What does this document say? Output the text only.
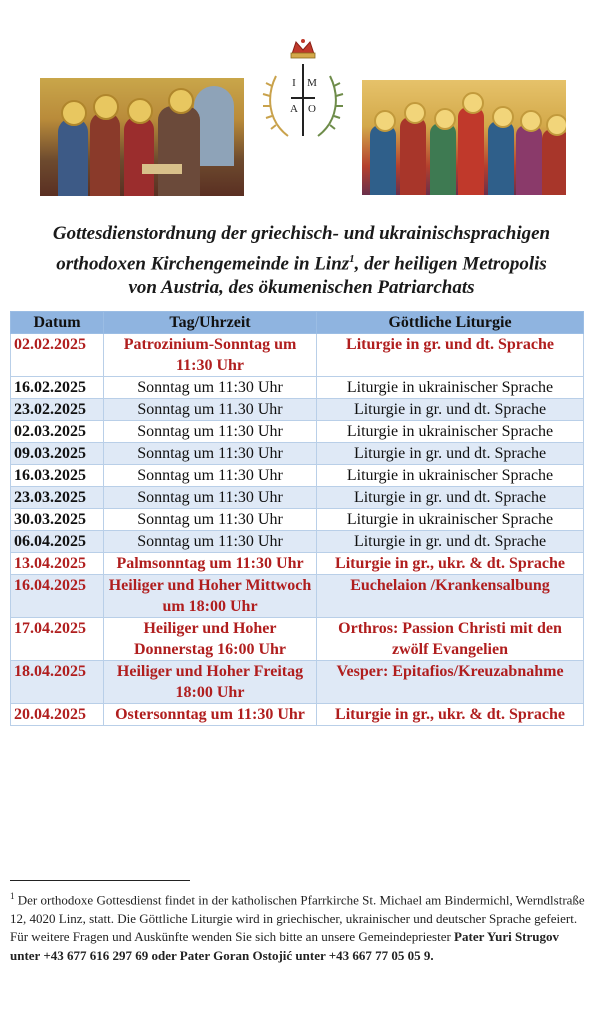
I M
A O
Gottesdienstordnung der griechisch- und ukrainischsprachigen
orthodoxen Kirchengemeinde in Linz$^1$, der heiligen Metropolis
von Austria, des ökumenischen Patriarchats
Datum	Tag/Uhrzeit	Göttliche Liturgie
02.02.2025	Patrozinium-Sonntag um 11:30 Uhr	Liturgie in gr. und dt. Sprache
16.02.2025	Sonntag um 11:30 Uhr	Liturgie in ukrainischer Sprache
23.02.2025	Sonntag um 11.30 Uhr	Liturgie in gr. und dt. Sprache
02.03.2025	Sonntag um 11:30 Uhr	Liturgie in ukrainischer Sprache
09.03.2025	Sonntag um 11:30 Uhr	Liturgie in gr. und dt. Sprache
16.03.2025	Sonntag um 11:30 Uhr	Liturgie in ukrainischer Sprache
23.03.2025	Sonntag um 11:30 Uhr	Liturgie in gr. und dt. Sprache
30.03.2025	Sonntag um 11:30 Uhr	Liturgie in ukrainischer Sprache
06.04.2025	Sonntag um 11:30 Uhr	Liturgie in gr. und dt. Sprache
13.04.2025	Palmsonntag um 11:30 Uhr	Liturgie in gr., ukr. & dt. Sprache
16.04.2025	Heiliger und Hoher Mittwoch um 18:00 Uhr	Euchelaion /Krankensalbung
17.04.2025	Heiliger und Hoher Donnerstag 16:00 Uhr	Orthros: Passion Christi mit den zwölf Evangelien
18.04.2025	Heiliger und Hoher Freitag 18:00 Uhr	Vesper: Epitafios/Kreuzabnahme
20.04.2025	Ostersonntag um 11:30 Uhr	Liturgie in gr., ukr. & dt. Sprache
$^1$ Der orthodoxe Gottesdienst findet in der katholischen Pfarrkirche St. Michael am Bindermichl, Werndlstraße 12, 4020 Linz, statt. Die Göttliche Liturgie wird in griechischer, ukrainischer und deutscher Sprache gefeiert. Für weitere Fragen und Auskünfte wenden Sie sich bitte an unsere Gemeindepriester Pater Yuri Strugov unter +43 677 616 297 69 oder Pater Goran Ostojić unter +43 667 77 05 05 9.
